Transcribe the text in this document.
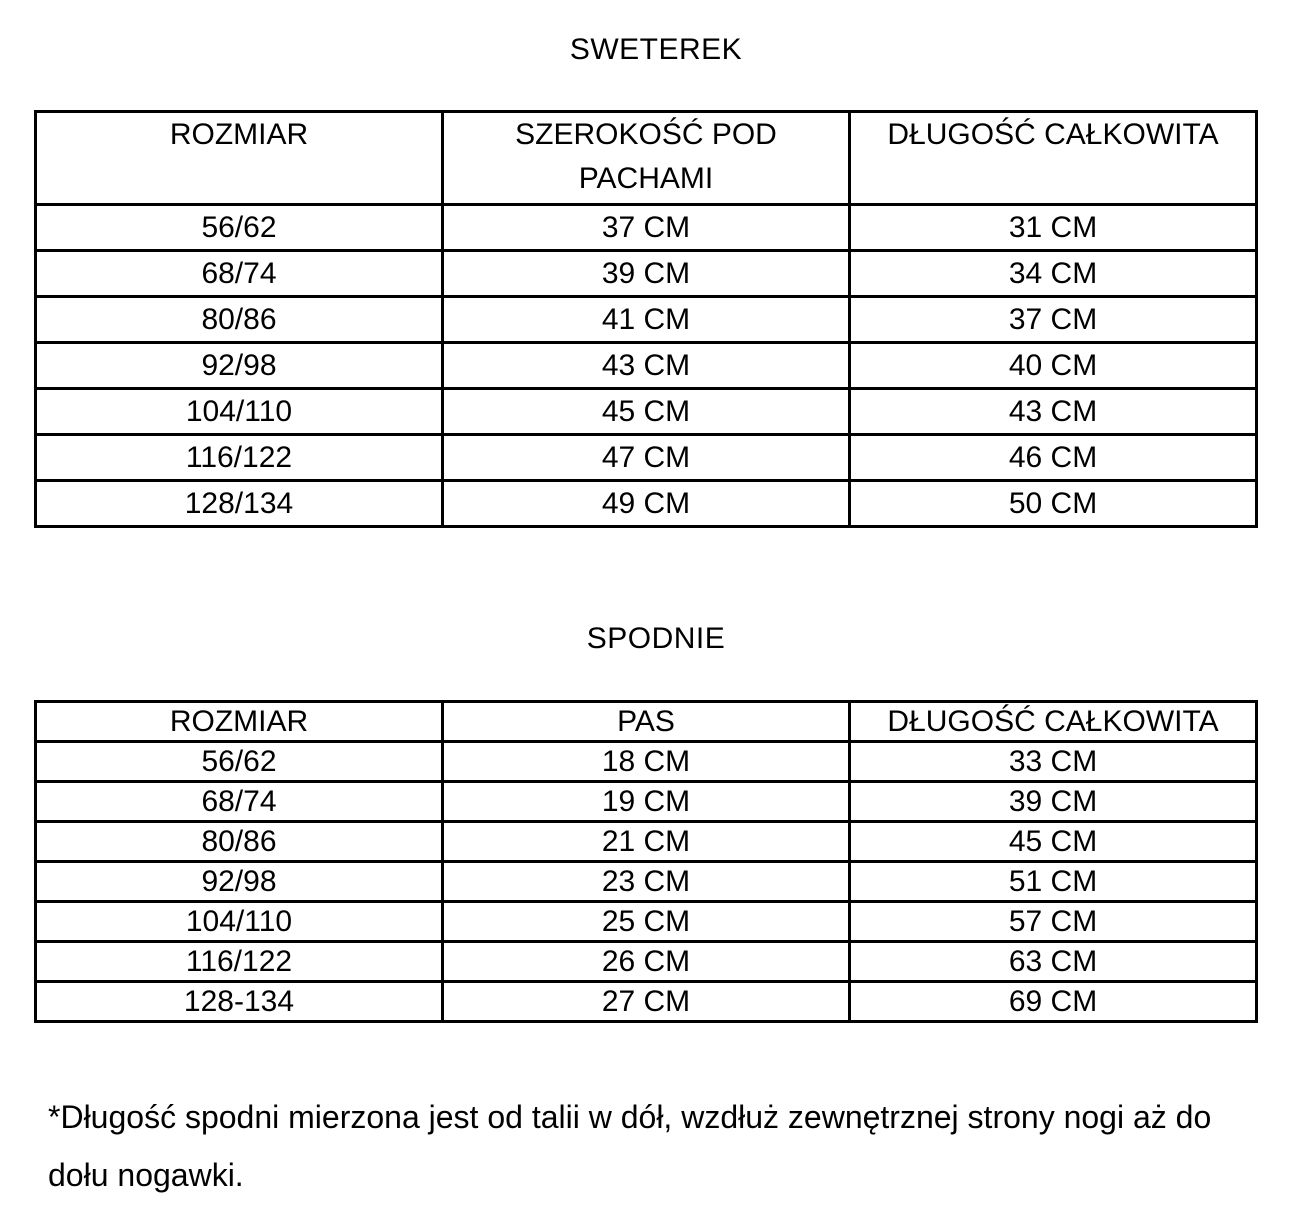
SWETEREK
ROZMIAR	SZEROKOŚĆ POD PACHAMI	DŁUGOŚĆ CAŁKOWITA
56/62	37 CM	31 CM
68/74	39 CM	34 CM
80/86	41 CM	37 CM
92/98	43 CM	40 CM
104/110	45 CM	43 CM
116/122	47 CM	46 CM
128/134	49 CM	50 CM
SPODNIE
ROZMIAR	PAS	DŁUGOŚĆ CAŁKOWITA
56/62	18 CM	33 CM
68/74	19 CM	39 CM
80/86	21 CM	45 CM
92/98	23 CM	51 CM
104/110	25 CM	57 CM
116/122	26 CM	63 CM
128-134	27 CM	69 CM
*Długość spodni mierzona jest od talii w dół, wzdłuż zewnętrznej strony nogi aż do
dołu nogawki.
